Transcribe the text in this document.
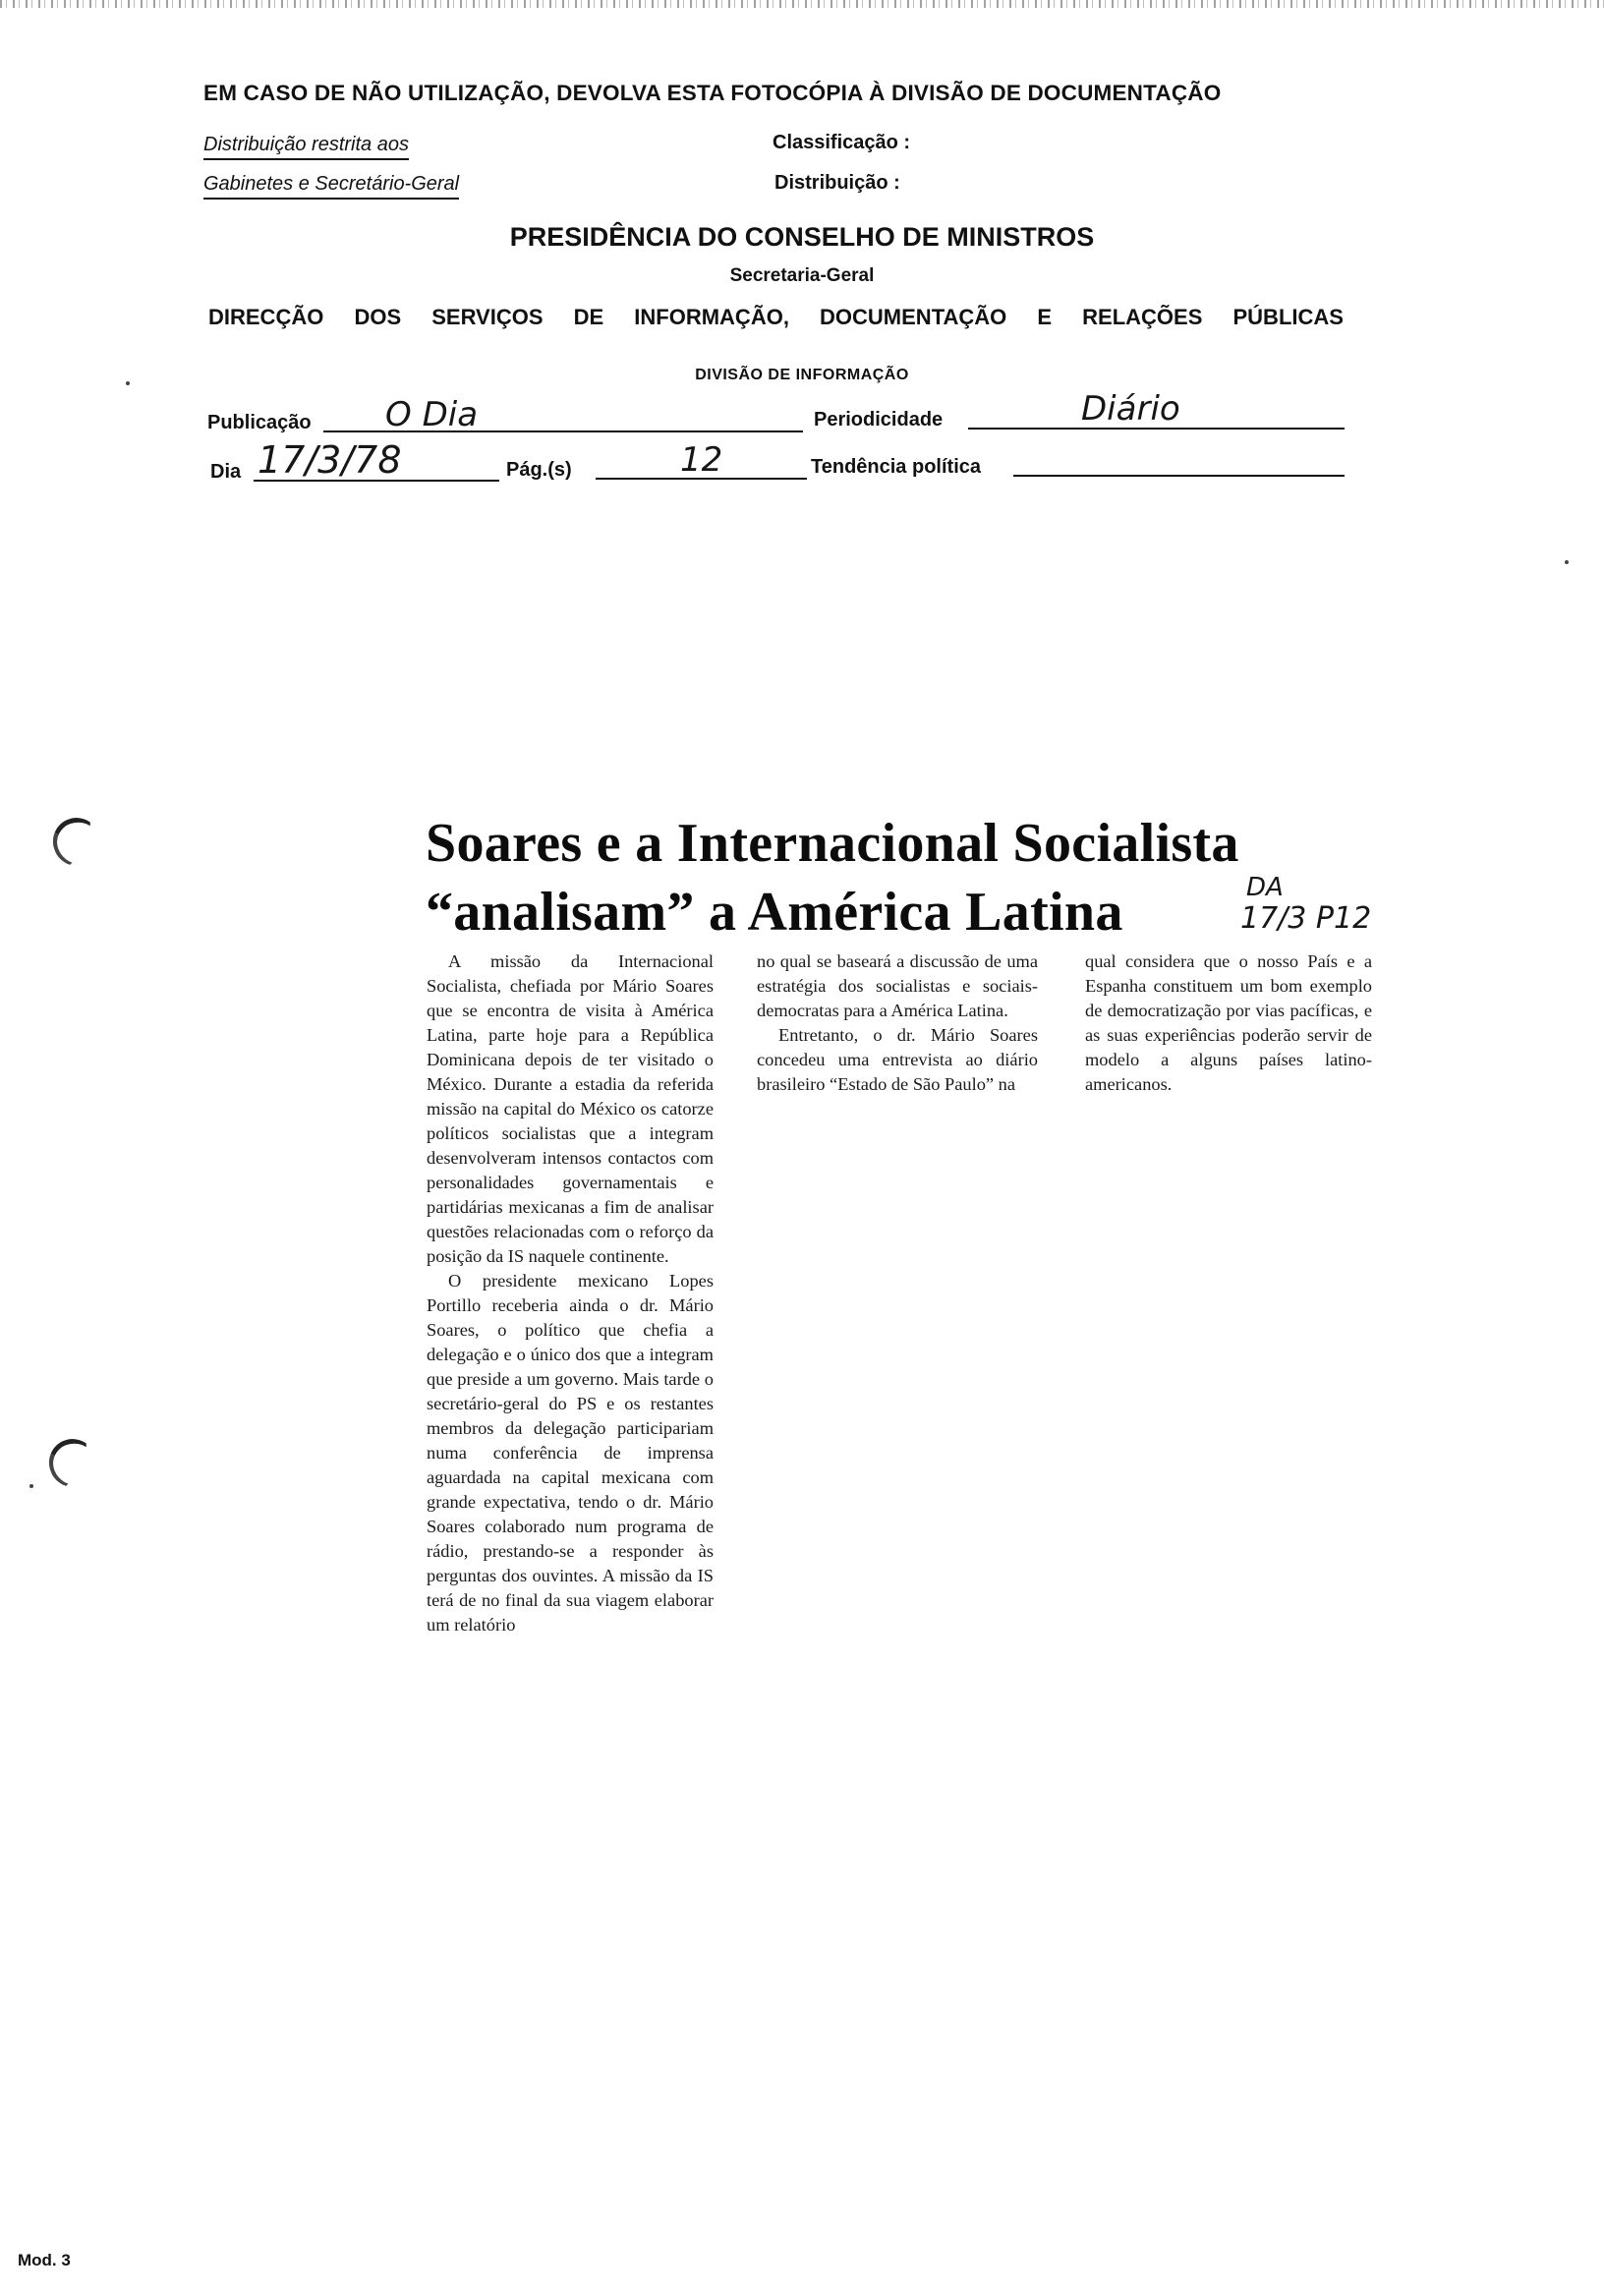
EM CASO DE NÃO UTILIZAÇÃO, DEVOLVA ESTA FOTOCÓPIA À DIVISÃO DE DOCUMENTAÇÃO
Distribuição restrita aos
Gabinetes e Secretário-Geral
Classificação :
Distribuição :
PRESIDÊNCIA DO CONSELHO DE MINISTROS
Secretaria-Geral
DIRECÇÃO DOS SERVIÇOS DE INFORMAÇÃO, DOCUMENTAÇÃO E RELAÇÕES PÚBLICAS
DIVISÃO DE INFORMAÇÃO
Publicação O Dia	Periodicidade	Diário
Dia 17/3/78	Pág.(s)	12	Tendência política
Soares e a Internacional Socialista
“analisam” a América Latina	DA
17/3 P12

A missão da Internacional Socialista, chefiada por Mário Soares que se encontra de visita à América Latina, parte hoje para a República Dominicana depois de ter visitado o México. Durante a estadia da referida missão na capital do México os catorze políticos socialistas que a integram desenvolveram intensos contactos com personalidades governamentais e partidárias mexicanas a fim de analisar questões relacionadas com o reforço da posição da IS naquele continente.

O presidente mexicano Lopes Portillo receberia ainda o dr. Mário Soares, o político que chefia a delegação e o único dos que a integram que preside a um governo. Mais tarde o secretário-geral do PS e os restantes membros da delegação participariam numa conferência de imprensa aguardada na capital mexicana com grande expectativa, tendo o dr. Mário Soares colaborado num programa de rádio, prestando-se a responder às perguntas dos ouvintes. A missão da IS terá de no final da sua viagem elaborar um relatório

no qual se baseará a discussão de uma estratégia dos socialistas e sociais-democratas para a América Latina.

Entretanto, o dr. Mário Soares concedeu uma entrevista ao diário brasileiro “Estado de São Paulo” na

qual considera que o nosso País e a Espanha constituem um bom exemplo de democratização por vias pacíficas, e as suas experiências poderão servir de modelo a alguns países latino-americanos.

Mod. 3
